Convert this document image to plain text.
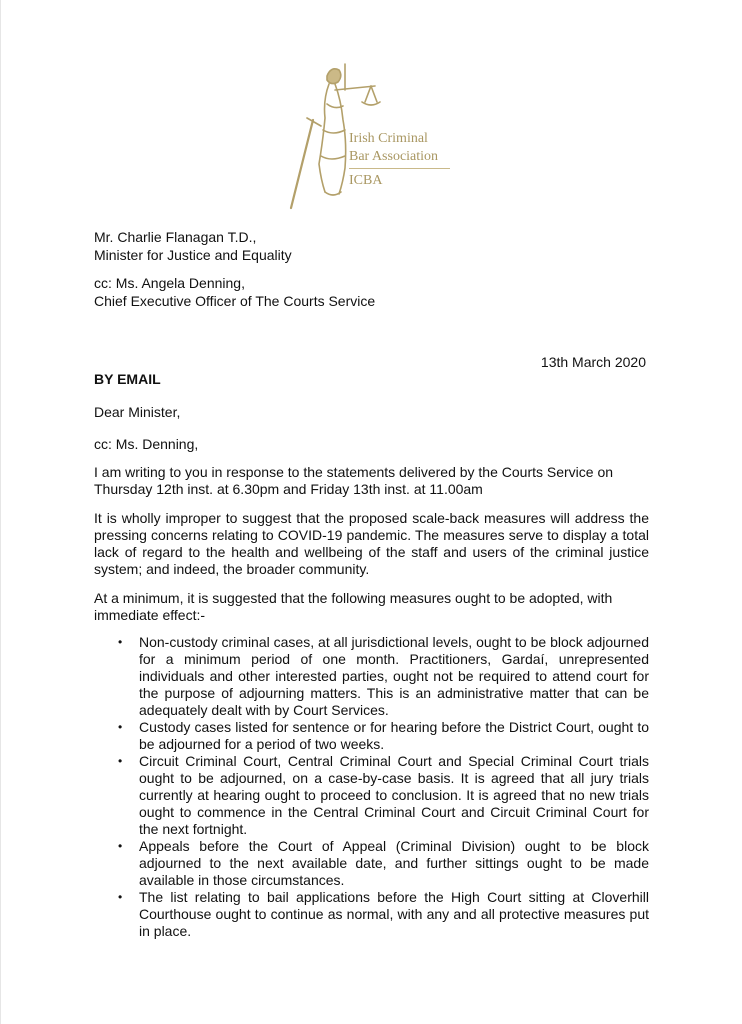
Irish Criminal
Bar Association
ICBA
Mr. Charlie Flanagan T.D.,
Minister for Justice and Equality
cc: Ms. Angela Denning,
Chief Executive Officer of The Courts Service
13th March 2020
BY EMAIL
Dear Minister,
cc: Ms. Denning,
I am writing to you in response to the statements delivered by the Courts Service on Thursday 12th inst. at 6.30pm and Friday 13th inst. at 11.00am
It is wholly improper to suggest that the proposed scale-back measures will address the pressing concerns relating to COVID-19 pandemic. The measures serve to display a total lack of regard to the health and wellbeing of the staff and users of the criminal justice system; and indeed, the broader community.
At a minimum, it is suggested that the following measures ought to be adopted, with immediate effect:-
• Non-custody criminal cases, at all jurisdictional levels, ought to be block adjourned for a minimum period of one month. Practitioners, Gardaí, unrepresented individuals and other interested parties, ought not be required to attend court for the purpose of adjourning matters. This is an administrative matter that can be adequately dealt with by Court Services.
• Custody cases listed for sentence or for hearing before the District Court, ought to be adjourned for a period of two weeks.
• Circuit Criminal Court, Central Criminal Court and Special Criminal Court trials ought to be adjourned, on a case-by-case basis. It is agreed that all jury trials currently at hearing ought to proceed to conclusion. It is agreed that no new trials ought to commence in the Central Criminal Court and Circuit Criminal Court for the next fortnight.
• Appeals before the Court of Appeal (Criminal Division) ought to be block adjourned to the next available date, and further sittings ought to be made available in those circumstances.
• The list relating to bail applications before the High Court sitting at Cloverhill Courthouse ought to continue as normal, with any and all protective measures put in place.
